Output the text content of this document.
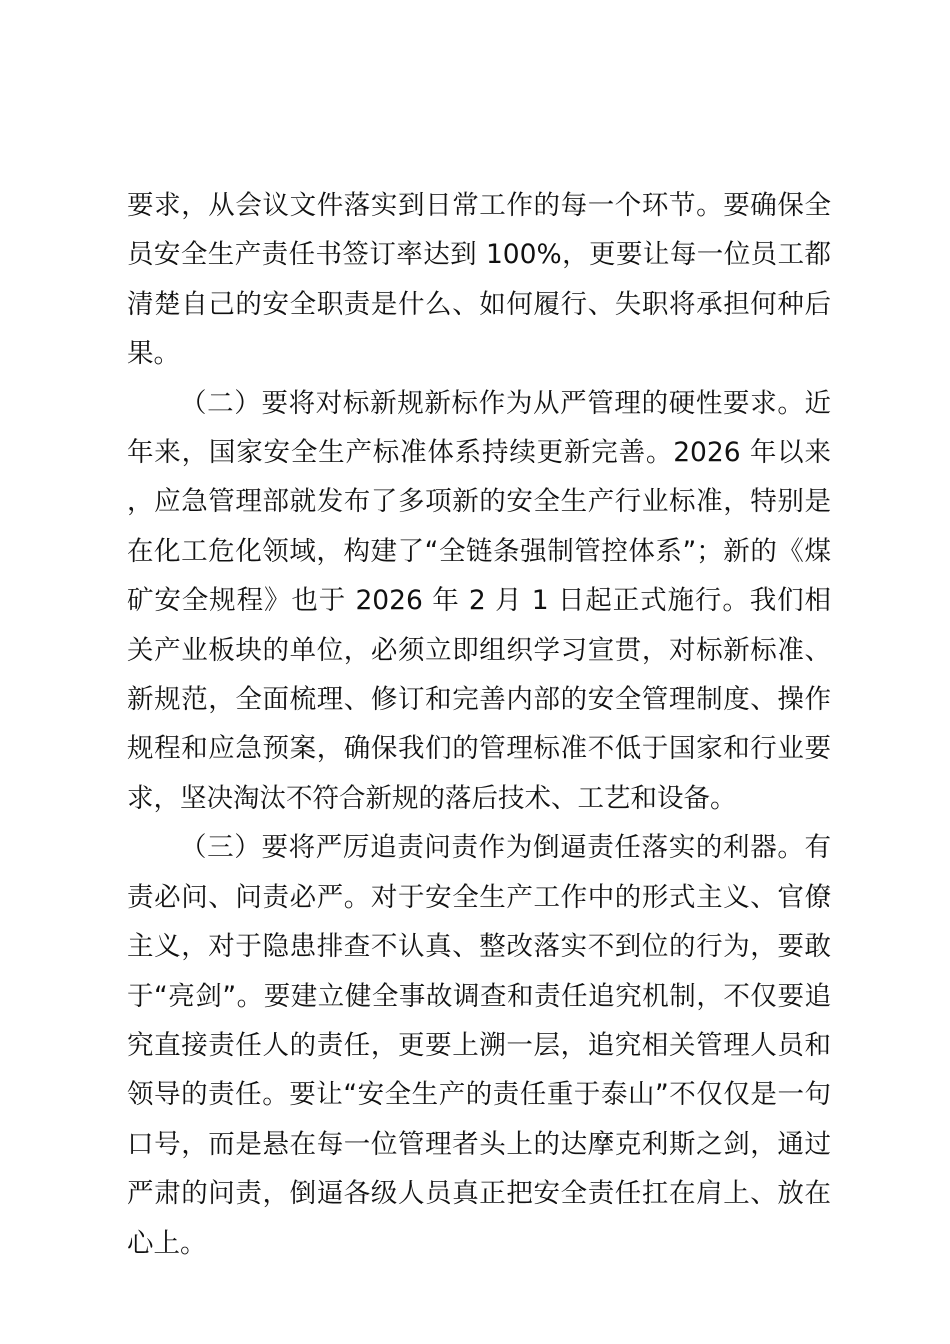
要求，从会议文件落实到日常工作的每一个环节。要确保全员安全生产责任书签订率达到 100%，更要让每一位员工都清楚自己的安全职责是什么、如何履行、失职将承担何种后果。

（二）要将对标新规新标作为从严管理的硬性要求。近年来，国家安全生产标准体系持续更新完善。2026 年以来，应急管理部就发布了多项新的安全生产行业标准，特别是在化工危化领域，构建了“全链条强制管控体系”；新的《煤矿安全规程》也于 2026 年 2 月 1 日起正式施行。我们相关产业板块的单位，必须立即组织学习宣贯，对标新标准、新规范，全面梳理、修订和完善内部的安全管理制度、操作规程和应急预案，确保我们的管理标准不低于国家和行业要求，坚决淘汰不符合新规的落后技术、工艺和设备。

（三）要将严厉追责问责作为倒逼责任落实的利器。有责必问、问责必严。对于安全生产工作中的形式主义、官僚主义，对于隐患排查不认真、整改落实不到位的行为，要敢于“亮剑”。要建立健全事故调查和责任追究机制，不仅要追究直接责任人的责任，更要上溯一层，追究相关管理人员和领导的责任。要让“安全生产的责任重于泰山”不仅仅是一句口号，而是悬在每一位管理者头上的达摩克利斯之剑，通过严肃的问责，倒逼各级人员真正把安全责任扛在肩上、放在心上。
